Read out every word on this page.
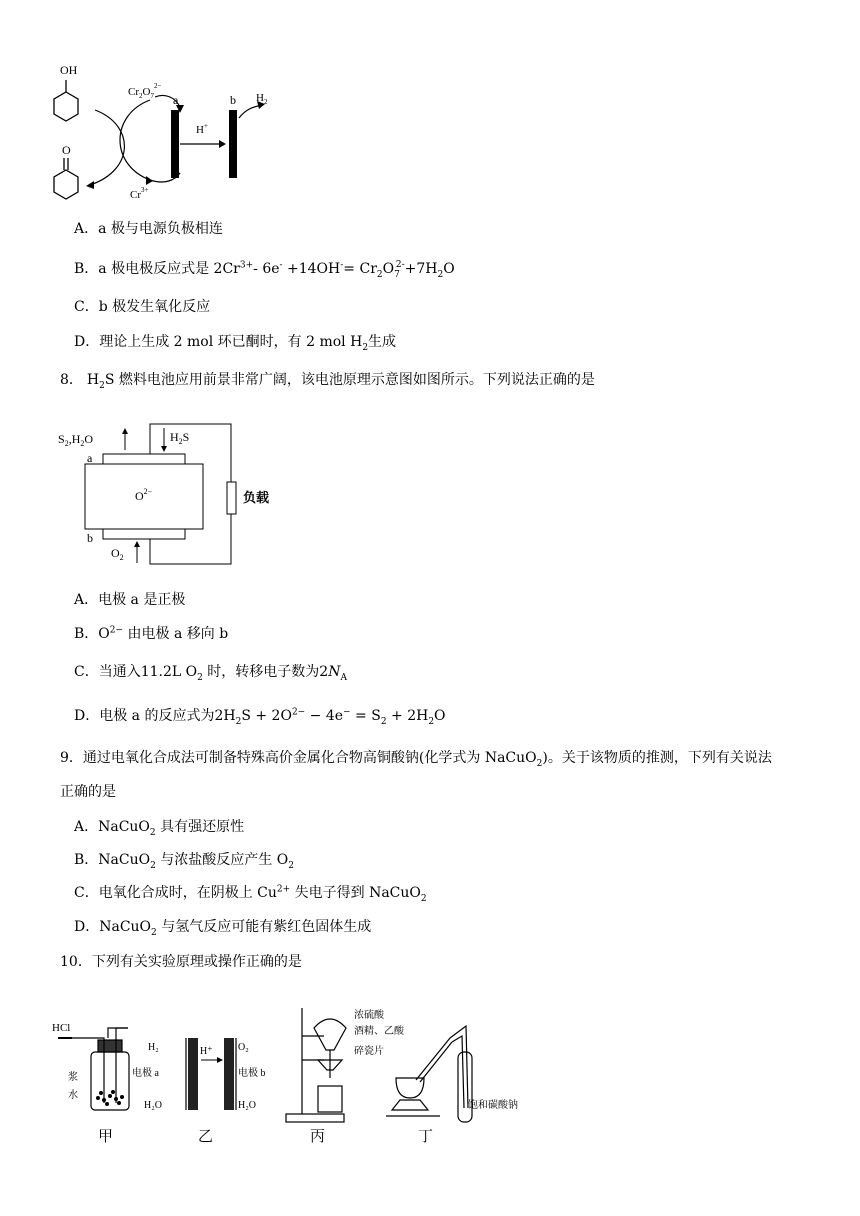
OH
O
$Cr_2O_7^{2-}$
$Cr^{3+}$
a	b
H+
$H_2$
A．a 极与电源负极相连
B．a 极电极反应式是 $2Cr^{3+}-$ $6e^- +14OH^-= Cr_2O_7^{2-}+7H_2O$
C．b 极发生氧化反应
D．理论上生成 2 mol 环已酮时，有 2 mol $H_2$生成
8． $H_2S$ 燃料电池应用前景非常广阔，该电池原理示意图如图所示。下列说法正确的是
$S_2,H_2O$	$H_2S$
a
b
$O^{2-}$	负载
$O_2$
A．电极 a 是正极
B．$O^{2-}$ 由电极 a 移向 b
C．当通入11.2L $O_2$ 时，转移电子数为$2N_A$
D．电极 a 的反应式为$2H_2S + 2O^{2-} - 4e^- = S_2 + 2H_2O$
9．通过电氧化合成法可制备特殊高价金属化合物高铜酸钠(化学式为 NaCuO$_2$)。关于该物质的推测，下列有关说法
正确的是
A．NaCuO$_2$ 具有强还原性
B．NaCuO$_2$ 与浓盐酸反应产生 $O_2$
C．电氧化合成时，在阴极上 $Cu^{2+}$ 失电子得到 NaCuO$_2$
D．NaCuO$_2$ 与氢气反应可能有紫红色固体生成
10．下列有关实验原理或操作正确的是
HCl
浆
水
H₂	H⁺	O₂
电极 a	电极 b
H₂O	H₂O
浓硫酸
酒精、乙酸
碎瓷片
饱和碳酸钠
甲	乙	丙	丁
